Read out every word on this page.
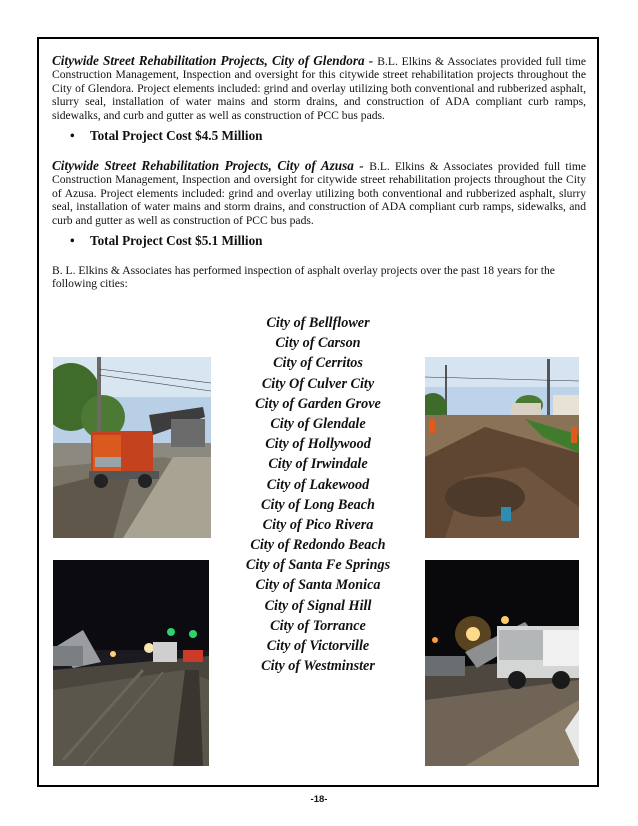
Citywide Street Rehabilitation Projects, City of Glendora - B.L. Elkins & Associates provided full time Construction Management, Inspection and oversight for this citywide street rehabilitation projects throughout the City of Glendora. Project elements included: grind and overlay utilizing both conventional and rubberized asphalt, slurry seal, installation of water mains and storm drains, and construction of ADA compliant curb ramps, sidewalks, and curb and gutter as well as construction of PCC bus pads.
• Total Project Cost $4.5 Million
Citywide Street Rehabilitation Projects, City of Azusa - B.L. Elkins & Associates provided full time Construction Management, Inspection and oversight for citywide street rehabilitation projects throughout the City of Azusa. Project elements included: grind and overlay utilizing both conventional and rubberized asphalt, slurry seal, installation of water mains and storm drains, and construction of ADA compliant curb ramps, sidewalks, and curb and gutter as well as construction of PCC bus pads.
• Total Project Cost $5.1 Million
B. L. Elkins & Associates has performed inspection of asphalt overlay projects over the past 18 years for the following cities:
City of Bellflower
City of Carson
City of Cerritos
City Of Culver City
City of Garden Grove
City of Glendale
City of Hollywood
City of Irwindale
City of Lakewood
City of Long Beach
City of Pico Rivera
City of Redondo Beach
City of Santa Fe Springs
City of Santa Monica
City of Signal Hill
City of Torrance
City of Victorville
City of Westminster
-18-
